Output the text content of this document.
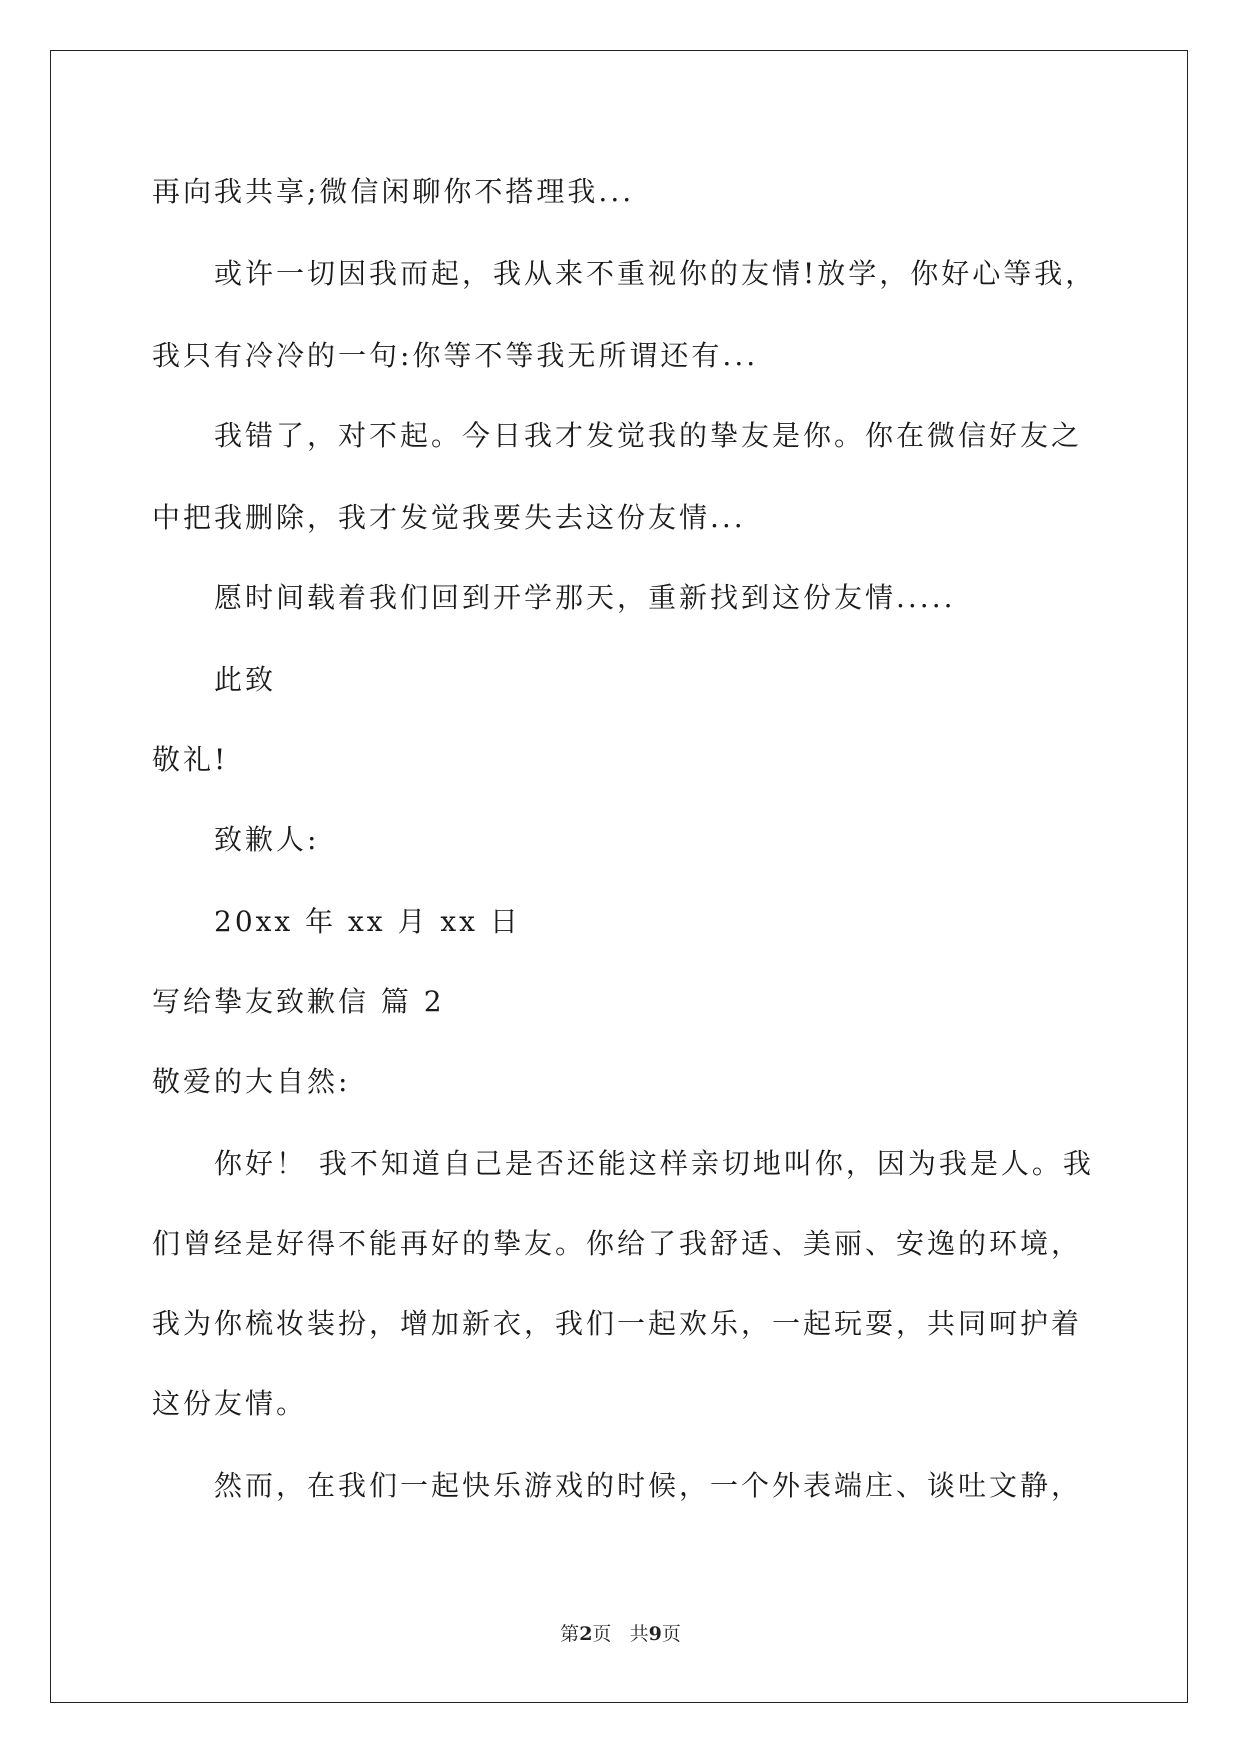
再向我共享;微信闲聊你不搭理我...
或许一切因我而起，我从来不重视你的友情!放学，你好心等我，
我只有冷冷的一句:你等不等我无所谓还有...
我错了，对不起。今日我才发觉我的挚友是你。你在微信好友之
中把我删除，我才发觉我要失去这份友情...
愿时间载着我们回到开学那天，重新找到这份友情.....
此致
敬礼!
致歉人:
20xx 年 xx 月 xx 日
写给挚友致歉信 篇 2
敬爱的大自然:
你好！ 我不知道自己是否还能这样亲切地叫你，因为我是人。我
们曾经是好得不能再好的挚友。你给了我舒适、美丽、安逸的环境，
我为你梳妆装扮，增加新衣，我们一起欢乐，一起玩耍，共同呵护着
这份友情。
然而，在我们一起快乐游戏的时候，一个外表端庄、谈吐文静，
第2页 共9页
